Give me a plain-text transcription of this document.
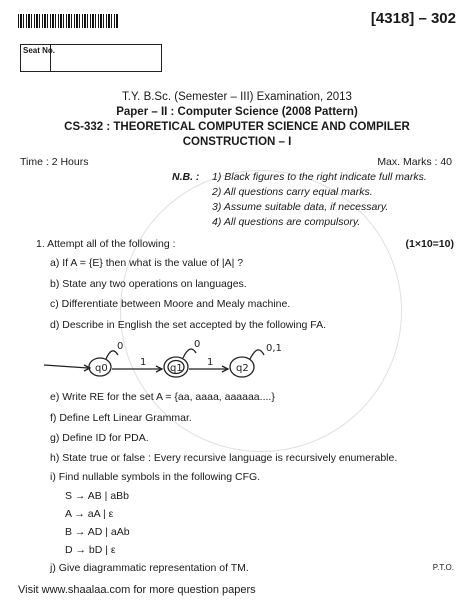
[4318] – 302
Seat No.
T.Y. B.Sc. (Semester – III) Examination, 2013
Paper – II : Computer Science (2008 Pattern)
CS-332 : THEORETICAL COMPUTER SCIENCE AND COMPILER
CONSTRUCTION – I
Time : 2 Hours	Max. Marks : 40
N.B. : 1) Black figures to the right indicate full marks.
2) All questions carry equal marks.
3) Assume suitable data, if necessary.
4) All questions are compulsory.
1. Attempt all of the following :	(1×10=10)
a) If A = {E} then what is the value of |A| ?
b) State any two operations on languages.
c) Differentiate between Moore and Mealy machine.
d) Describe in English the set accepted by the following FA.
q0
0
1
q1
0
1
q2
0,1
e) Write RE for the set A = {aa, aaaa, aaaaaa....}
f) Define Left Linear Grammar.
g) Define ID for PDA.
h) State true or false : Every recursive language is recursively enumerable.
i) Find nullable symbols in the following CFG.
S → AB | aBb
A → aA | ε
B → AD | aAb
D → bD | ε
j) Give diagrammatic representation of TM.	P.T.O.
Visit www.shaalaa.com for more question papers
